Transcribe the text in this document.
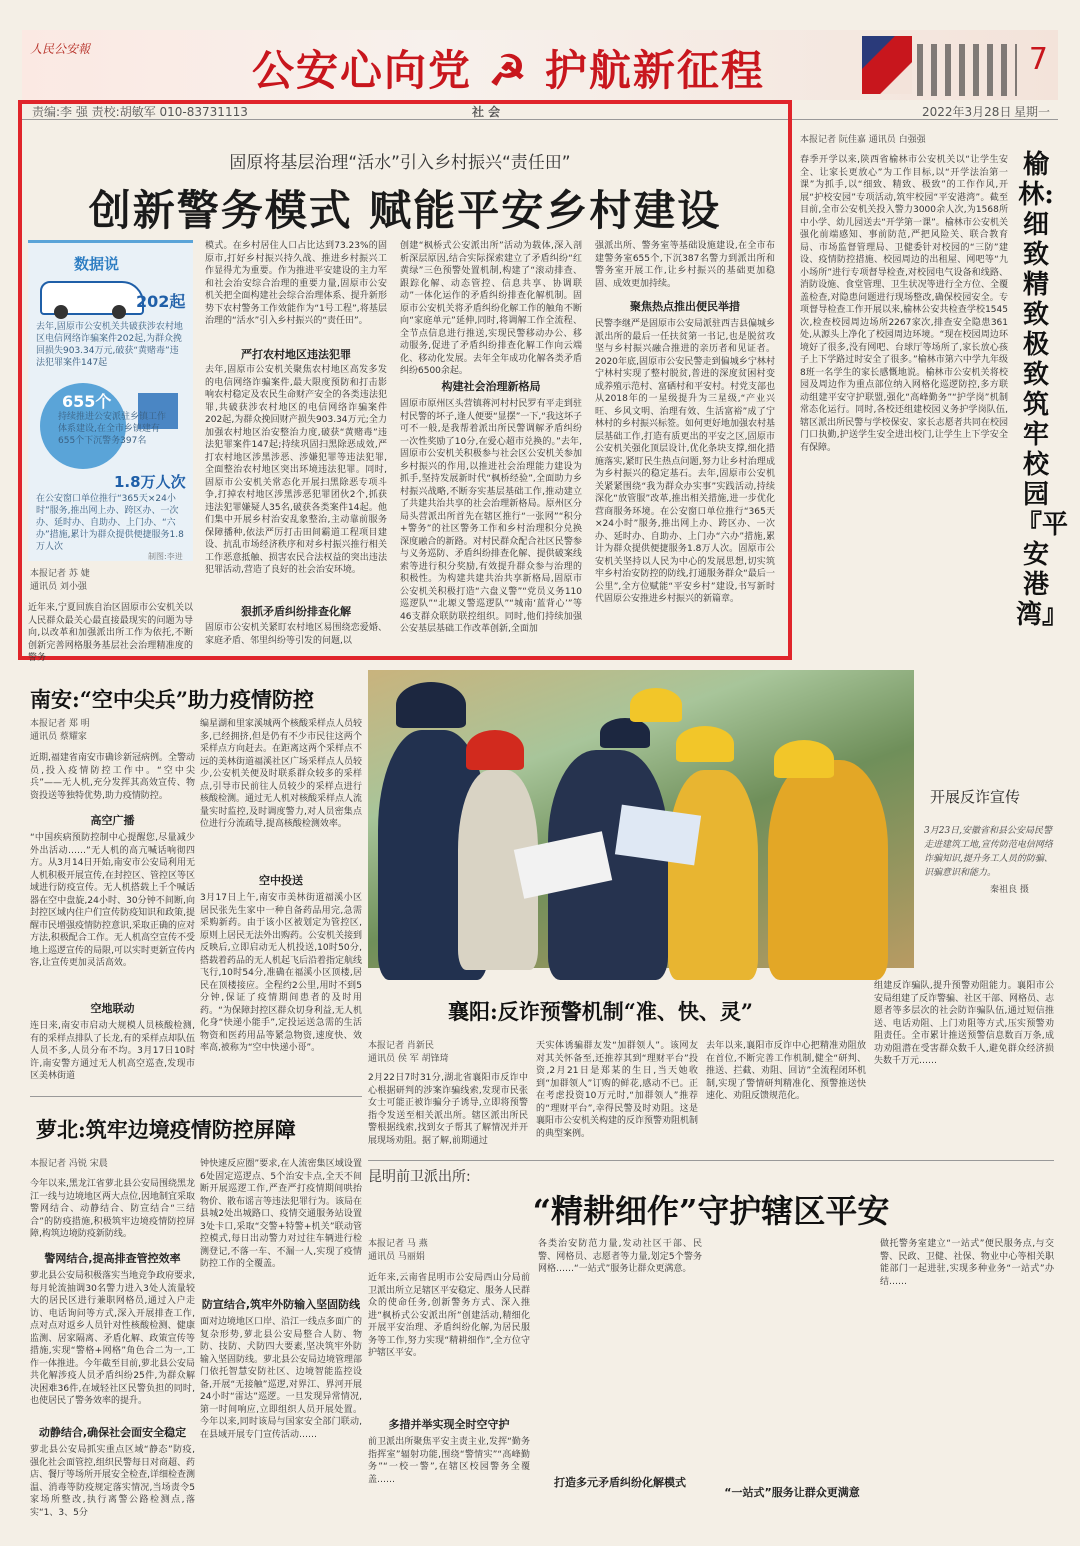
人民公安報	公安心向党 ☭ 护航新征程	7
责编:李 强 责校:胡敏军 010-83731113	社 会	2022年3月28日 星期一
固原将基层治理“活水”引入乡村振兴“责任田”
创新警务模式 赋能平安乡村建设
数据说
202起
去年,固原市公安机关共破获涉农村地区电信网络诈骗案件202起,为群众挽回损失903.34万元,破获“黄赌毒”违法犯罪案件147起
655个
持续推进公安派驻乡镇工作体系建设,在全市乡镇建有655个下沉警务397名
1.8万人次
在公安窗口单位推行“365天×24小时”服务,推出网上办、跨区办、一次办、延时办、自助办、上门办、“六办”措施,累计为群众提供便捷服务1.8万人次
制图:李进
本报记者 苏 婕
通讯员 刘小强
近年来,宁夏回族自治区固原市公安机关以人民群众最关心最直接最现实的问题为导向,以改革和加强派出所工作为依托,不断创新完善网格服务基层社会治理精准度的警务
模式。在乡村居住人口占比达到73.23%的固原市,打好乡村振兴持久战、推进乡村振兴工作显得尤为重要。作为推进平安建设的主力军和社会治安综合治理的重要力量,固原市公安机关把全面构建社会综合治理体系、提升新形势下农村警务工作效能作为“1号工程”,将基层治理的“活水”引入乡村振兴的“责任田”。
严打农村地区违法犯罪
去年,固原市公安机关聚焦农村地区高发多发的电信网络诈骗案件,最大限度预防和打击影响农村稳定及农民生命财产安全的各类违法犯罪,共破获涉农村地区的电信网络诈骗案件202起,为群众挽回财产损失903.34万元;全力加强农村地区治安整治力度,破获“黄赌毒”违法犯罪案件147起;持续巩固扫黑除恶成效,严打农村地区涉黑涉恶、涉嫌犯罪等违法犯罪,全面整治农村地区突出环境违法犯罪。同时,固原市公安机关常态化开展扫黑除恶专项斗争,打掉农村地区涉黑涉恶犯罪团伙2个,抓获违法犯罪嫌疑人35名,破获各类案件14起。他们集中开展乡村治安乱象整治,主动靠前服务保障播种,依法严厉打击田间霸道工程项目建设、抗乱市场经济秩序和对乡村振兴推行相关工作恶意抵触、损害农民合法权益的突出违法犯罪活动,营造了良好的社会治安环境。
狠抓矛盾纠纷排查化解
固原市公安机关紧盯农村地区易围绕恋爱婚、家庭矛盾、邻里纠纷等引发的问题,以
创建“枫桥式公安派出所”活动为载体,深入剖析深层原因,结合实际探索建立了矛盾纠纷“红黄绿”三色预警处置机制,构建了“滚动排查、跟踪化解、动态管控、信息共享、协调联动”一体化运作的矛盾纠纷排查化解机制。固原市公安机关将矛盾纠纷化解工作的触角不断向“家庭单元”延伸,同时,将调解工作全流程、全节点信息进行推送,实现民警移动办公、移动服务,促进了矛盾纠纷排查化解工作向云端化、移动化发展。去年全年成功化解各类矛盾纠纷6500余起。
构建社会治理新格局
固原市原州区头营镇蒋河村村民罗有平走到驻村民警的坏子,逢人便要“显摆”一下,“我这坏子可不一般,是我帮着派出所民警调解矛盾纠纷一次性奖励了10分,在爱心超市兑换的。”去年,固原市公安机关积极参与社会区公安机关参加乡村振兴的作用,以推进社会治理能力建设为抓手,坚持发展新时代“枫桥经验”,全面助力乡村振兴战略,不断夯实基层基础工作,推动建立了共建共治共享的社会治理新格局。原州区分局头营派出所首先在辖区推行“一张网”“积分+警务”的社区警务工作和乡村治理积分兑换深度融合的新路。对村民群众配合社区民警参与义务巡防、矛盾纠纷排查化解、提供破案线索等进行积分奖励,有效提升群众参与治理的积极性。为构建共建共治共享新格局,固原市公安机关积极打造“六盘义警”“党员义务110巡逻队”“北塬义警巡逻队”“城南‘蓝背心’”等46支群众联防联控组织。同时,他们持续加强公安基层基础工作改革创新,全面加
强派出所、警务室等基础设施建设,在全市布建警务室655个,下沉387名警力到派出所和警务室开展工作,让乡村振兴的基础更加稳固、成效更加持续。
聚焦热点推出便民举措
民警李继严是固原市公安局派驻西吉县偏城乡派出所的最后一任扶贫第一书记,也是脱贫攻坚与乡村振兴融合推进的亲历者和见证者。2020年底,固原市公安民警走到偏城乡宁林村宁林村实现了整村脱贫,普进的深度贫困村变成养殖示范村、富硒村和平安村。村党支部也从2018年的一星级提升为三星级,“产业兴旺、乡风文明、治理有效、生活富裕”成了宁林村的乡村振兴标签。如何更好地加强农村基层基础工作,打造有质更出的平安之区,固原市公安机关强化顶层设计,优化条块支撑,细化措施落实,紧盯民生热点问题,努力让乡村治理成为乡村振兴的稳定基石。去年,固原市公安机关紧紧围绕“我为群众办实事”实践活动,持续深化“放管服”改革,推出相关措施,进一步优化营商服务环境。在公安窗口单位推行“365天×24小时”服务,推出网上办、跨区办、一次办、延时办、自助办、上门办“六办”措施,累计为群众提供便捷服务1.8万人次。固原市公安机关坚持以人民为中心的发展思想,切实筑牢乡村治安防控的防线,打通服务群众“最后一公里”,全方位赋能“平安乡村”建设,书写新时代固原公安推进乡村振兴的新篇章。
本报记者 阮佳嘉 通讯员 白强强
春季开学以来,陕西省榆林市公安机关以“让学生安全、让家长更放心”为工作目标,以“开学法治第一课”为抓手,以“细致、精致、极致”的工作作风,开展“护校安园”专项活动,筑牢校园“平安港湾”。截至目前,全市公安机关投入警力3000余人次,为1568所中小学、幼儿园送去“开学第一课”。榆林市公安机关强化前端感知、事前防范,严把风险关、联合教育局、市场监督管理局、卫健委针对校园的“三防”建设、疫情防控措施、校园周边的出租屋、网吧等“九小场所”进行专项督导检查,对校园电气设备和线路、消防设施、食堂管理、卫生状况等进行全方位、全覆盖检查,对隐患问题进行现场整改,确保校园安全。专项督导检查工作开展以来,榆林公安共检查学校1545次,检查校园周边场所2267家次,排查安全隐患361处,从源头上净化了校园周边环境。“现在校园周边环境好了很多,没有网吧、台球厅等场所了,家长放心孩子上下学路过时安全了很多。”榆林市第六中学九年级8班一名学生的家长感慨地说。榆林市公安机关将校园及周边作为重点部位纳入网格化巡逻防控,多方联动组建平安守护联盟,强化“高峰勤务”“护学岗”机制常态化运行。同时,各校还组建校园义务护学岗队伍,辖区派出所民警与学校保安、家长志愿者共同在校园门口执勤,护送学生安全进出校门,让学生上下学安全有保障。
榆林:细致精致极致 筑牢校园『平安港湾』
南安:“空中尖兵”助力疫情防控
本报记者 郑 明
通讯员 蔡耀家
近期,福建省南安市确诊新冠病例。全警动员,投入疫情防控工作中。“空中尖兵”——无人机,充分发挥其高效宣传、物资投送等独特优势,助力疫情防控。
高空广播
“中国疾病预防控制中心提醒您,尽量减少外出活动……”无人机的高亢喊话响彻四方。从3月14日开始,南安市公安局利用无人机积极开展宣传,在封控区、管控区等区域进行防疫宣传。无人机搭载上千个喊话器在空中盘旋,24小时、30分钟不间断,向封控区域内住户们宣传防疫知识和政策,提醒市民增强疫情防控意识,采取正确的应对方法,积极配合工作。无人机高空宣传不受地上巡逻宣传的局限,可以实时更新宣传内容,让宣传更加灵活高效。
空地联动
连日来,南安市启动大规模人员核酸检测,有的采样点排队了长龙,有的采样点却队伍人员不多,人员分布不均。3月17日10时许,南安警方通过无人机高空巡查,发现市区美林街道
编星湖和里家溪城两个核酸采样点人员较多,已经拥挤,但是仍有不少市民往这两个采样点方向赶去。在距离这两个采样点不远的美林街道福溪社区广场采样点人员较少,公安机关便及时联系群众较多的采样点,引导市民前往人员较少的采样点进行核酸检测。通过无人机对核酸采样点人流量实时监控,及时调度警力,对人员密集点位进行分流疏导,提高核酸检测效率。
空中投送
3月17日上午,南安市美林街道福溪小区居民张先生家中一种自备药品用完,急需采购新药。由于该小区被划定为管控区,原则上居民无法外出购药。公安机关接到反映后,立即启动无人机投送,10时50分,搭载着药品的无人机起飞后沿着指定航线飞行,10时54分,准确在福溪小区顶楼,居民在顶楼接应。全程约2公里,用时不到5分钟,保证了疫情期间患者的及时用药。“为保障封控区群众切身利益,无人机化身“快递小能手”,定投运送急需的生活物资和医药用品等紧急物资,速度快、效率高,被称为“空中快递小哥”。
开展反诈宣传
3月23日,安徽省和县公安局民警走进建筑工地,宣传防范电信网络诈骗知识,提升务工人员的防骗、识骗意识和能力。
秦祖良 摄
襄阳:反诈预警机制“准、快、灵”
本报记者 肖新民
通讯员 侯 军 胡锋琦
2月22日7时31分,湖北省襄阳市反诈中心根据研判的涉案诈骗线索,发现市民张女士可能正被诈骗分子诱导,立即将预警指令发送至相关派出所。辖区派出所民警根据线索,找到女子帮其了解情况并开展现场劝阻。据了解,前期通过
天实体诱骗群友发“加群领人”。该网友对其关怀备至,还推荐其到“理财平台”投资,2月21日是郑某的生日,当天她收到“加群领人”订购的鲜花,感动不已。正在考虑投资10万元时,“加群领人”推荐的“理财平台”,幸得民警及时劝阻。这是襄阳市公安机关构建的反诈预警劝阻机制的典型案例。
去年以来,襄阳市反诈中心把精准劝阻放在首位,不断完善工作机制,健全“研判、推送、拦截、劝阻、回访”全流程闭环机制,实现了警情研判精准化、预警推送快速化、劝阻反馈规范化。
组建反诈骗队,提升预警劝阻能力。襄阳市公安局组建了反诈警骗、社区干部、网格员、志愿者等多层次的社会防诈骗队伍,通过短信推送、电话劝阻、上门劝阻等方式,压实预警劝阻责任。全市累计推送预警信息数百万条,成功劝阻潜在受害群众数千人,避免群众经济损失数千万元……
萝北:筑牢边境疫情防控屏障
本报记者 冯锐 宋晨
今年以来,黑龙江省萝北县公安局围绕黑龙江一线与边境地区两大点位,因地制宜采取警网结合、动静结合、防宣结合“三结合”的防疫措施,积极筑牢边境疫情防控屏障,构筑边境防疫新防线。
警网结合,提高排查管控效率
萝北县公安局积极落实当地竞争政府要求,每月轮流抽调30名警力进入3处人流量较大的居民区进行兼职网格员,通过入户走访、电话询问等方式,深入开展排查工作,点对点对返乡人员针对性核酸检测、健康监测、居家隔离、矛盾化解、政策宣传等措施,实现“警格+网格”角色合二为一,工作一体推进。今年截至目前,萝北县公安局共化解涉疫人员矛盾纠纷25件,为群众解决困难36件,在域轻社区民警负担的同时,也使居民了警务效率的提升。
动静结合,确保社会面安全稳定
萝北县公安局抓实重点区域“静态”防疫,强化社会面管控,组织民警每日对商超、药店、餐厅等场所开展安全检查,详细检查测温、消毒等防疫规定落实情况,当场责令5家场所整改,执行离警公路检测点,落实“1、3、5分
钟快速反应圈”要求,在人流密集区域设置6处固定巡逻点、5个治安卡点,全天不间断开展巡逻工作,严查严打疫情期间哄抬物价、散布谣言等违法犯罪行为。该局在县城2处出城路口、疫情交通服务站设置3处卡口,采取“交警+特警+机关”联动管控模式,每日出动警力对过往车辆进行检测登记,不落一车、不漏一人,实现了疫情防控工作的全覆盖。
防宣结合,筑牢外防输入坚固防线
面对边境地区口岸、沿江一线点多面广的复杂形势,萝北县公安局整合人防、物防、技防、犬防四大要素,坚决筑牢外防输入坚固防线。萝北县公安局边境管理部门依托智慧安防社区、边境智能监控设备,开展“无接触”巡逻,对界江、界河开展24小时“雷达”巡逻。一旦发现异常情况,第一时间响应,立即组织人员开展处置。今年以来,同时该局与国家安全部门联动,在县域开展专门宣传活动……
昆明前卫派出所:
“精耕细作”守护辖区平安
本报记者 马 燕
通讯员 马丽娟
近年来,云南省昆明市公安局西山分局前卫派出所立足辖区平安稳定、服务人民群众的使命任务,创新警务方式、深入推进“枫桥式公安派出所”创建活动,精细化开展平安治理、矛盾纠纷化解,为居民服务等工作,努力实现“精耕细作”,全方位守护辖区平安。
多措并举实现全时空守护
前卫派出所聚焦平安主责主业,发挥“勤务指挥室”辐射功能,围绕“警情实”“高峰勤务”“一校一警”,在辖区校园警务全覆盖……
各类治安防范力量,发动社区干部、民警、网格员、志愿者等力量,划定5个警务网格……“一站式”服务让群众更满意。
打造多元矛盾纠纷化解模式
“一站式”服务让群众更满意
做托警务室建立“一站式”便民服务点,与交警、民政、卫健、社保、物业中心等相关职能部门一起进驻,实现多种业务“一站式”办结……
